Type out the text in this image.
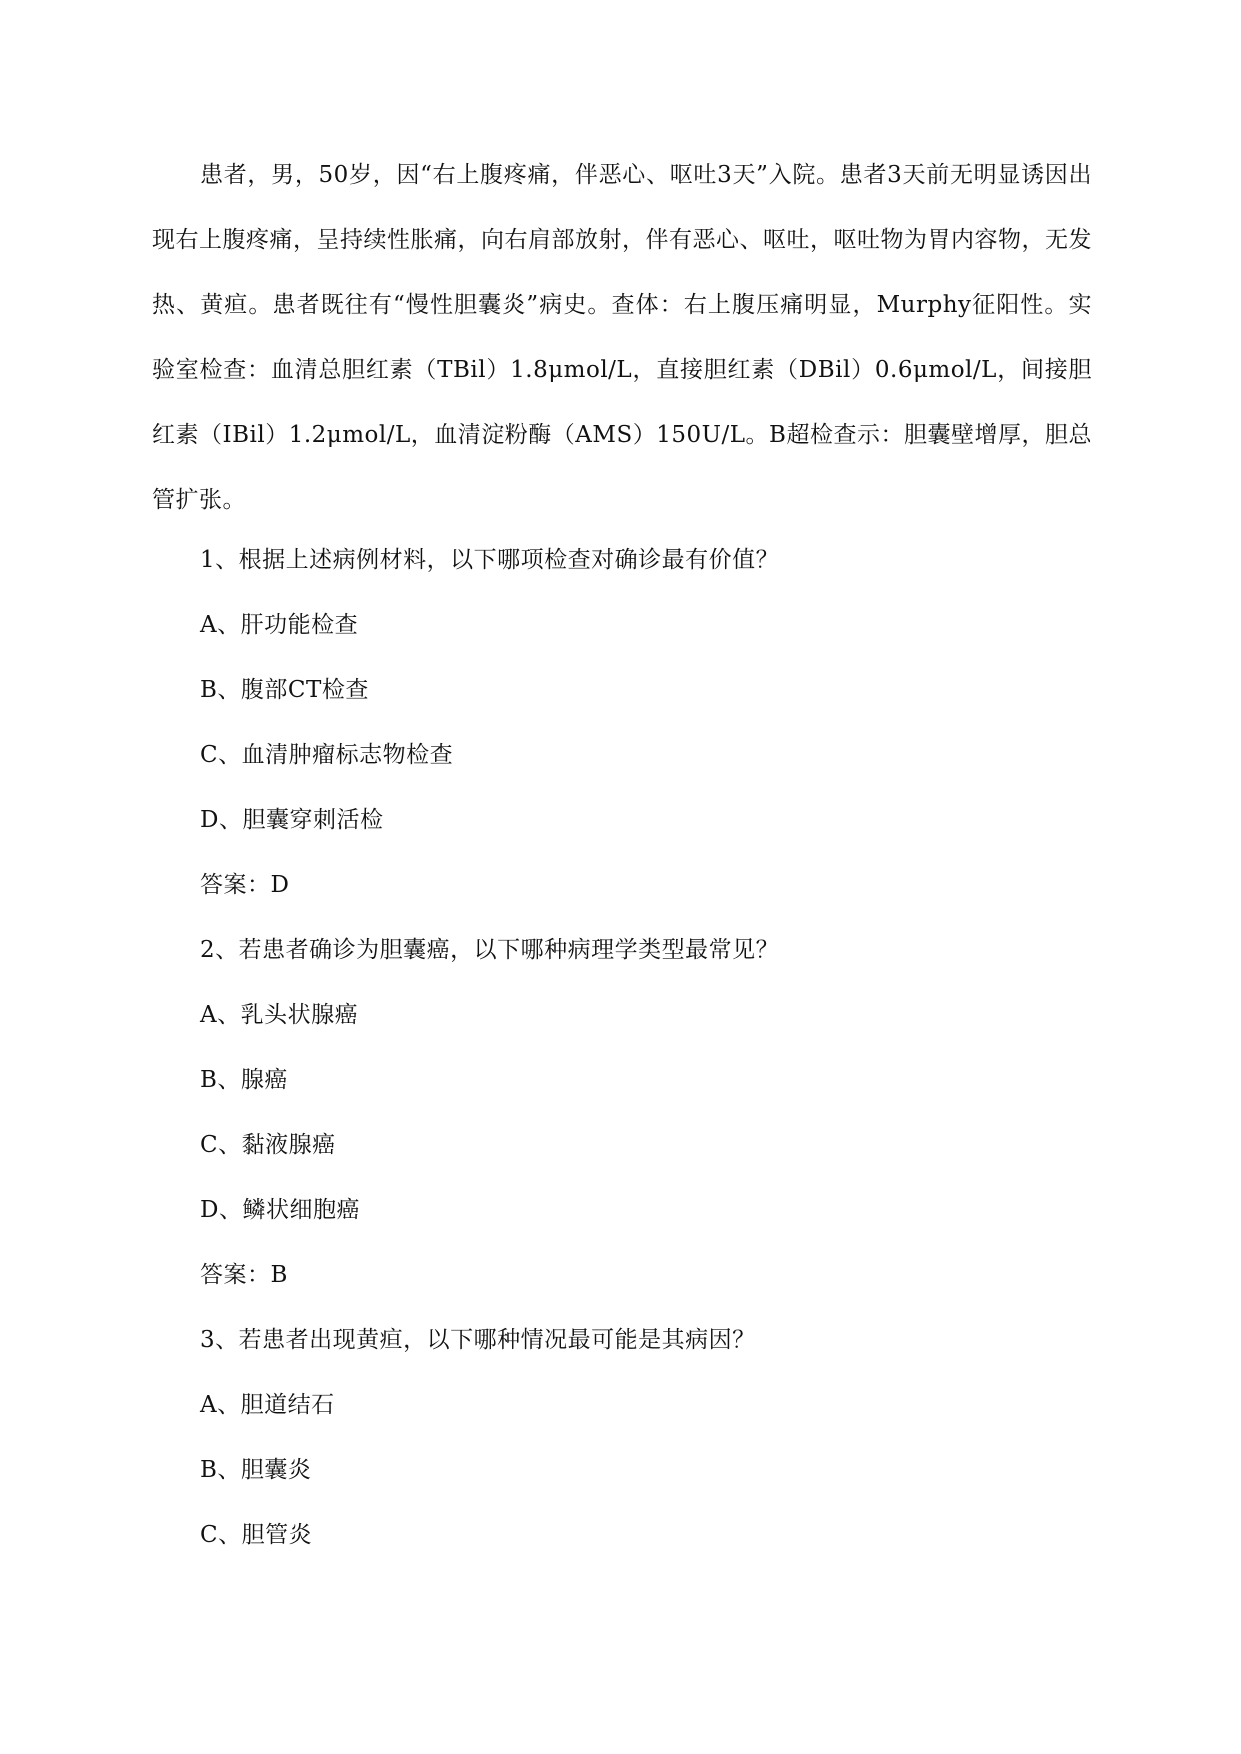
患者，男，50岁，因“右上腹疼痛，伴恶心、呕吐3天”入院。患者3天前无明显诱因出现右上腹疼痛，呈持续性胀痛，向右肩部放射，伴有恶心、呕吐，呕吐物为胃内容物，无发热、黄疸。患者既往有“慢性胆囊炎”病史。查体：右上腹压痛明显，Murphy征阳性。实验室检查：血清总胆红素（TBil）1.8μmol/L，直接胆红素（DBil）0.6μmol/L，间接胆红素（IBil）1.2μmol/L，血清淀粉酶（AMS）150U/L。B超检查示：胆囊壁增厚，胆总管扩张。

1、根据上述病例材料，以下哪项检查对确诊最有价值？
A、肝功能检查
B、腹部CT检查
C、血清肿瘤标志物检查
D、胆囊穿刺活检
答案：D
2、若患者确诊为胆囊癌，以下哪种病理学类型最常见？
A、乳头状腺癌
B、腺癌
C、黏液腺癌
D、鳞状细胞癌
答案：B
3、若患者出现黄疸，以下哪种情况最可能是其病因？
A、胆道结石
B、胆囊炎
C、胆管炎
